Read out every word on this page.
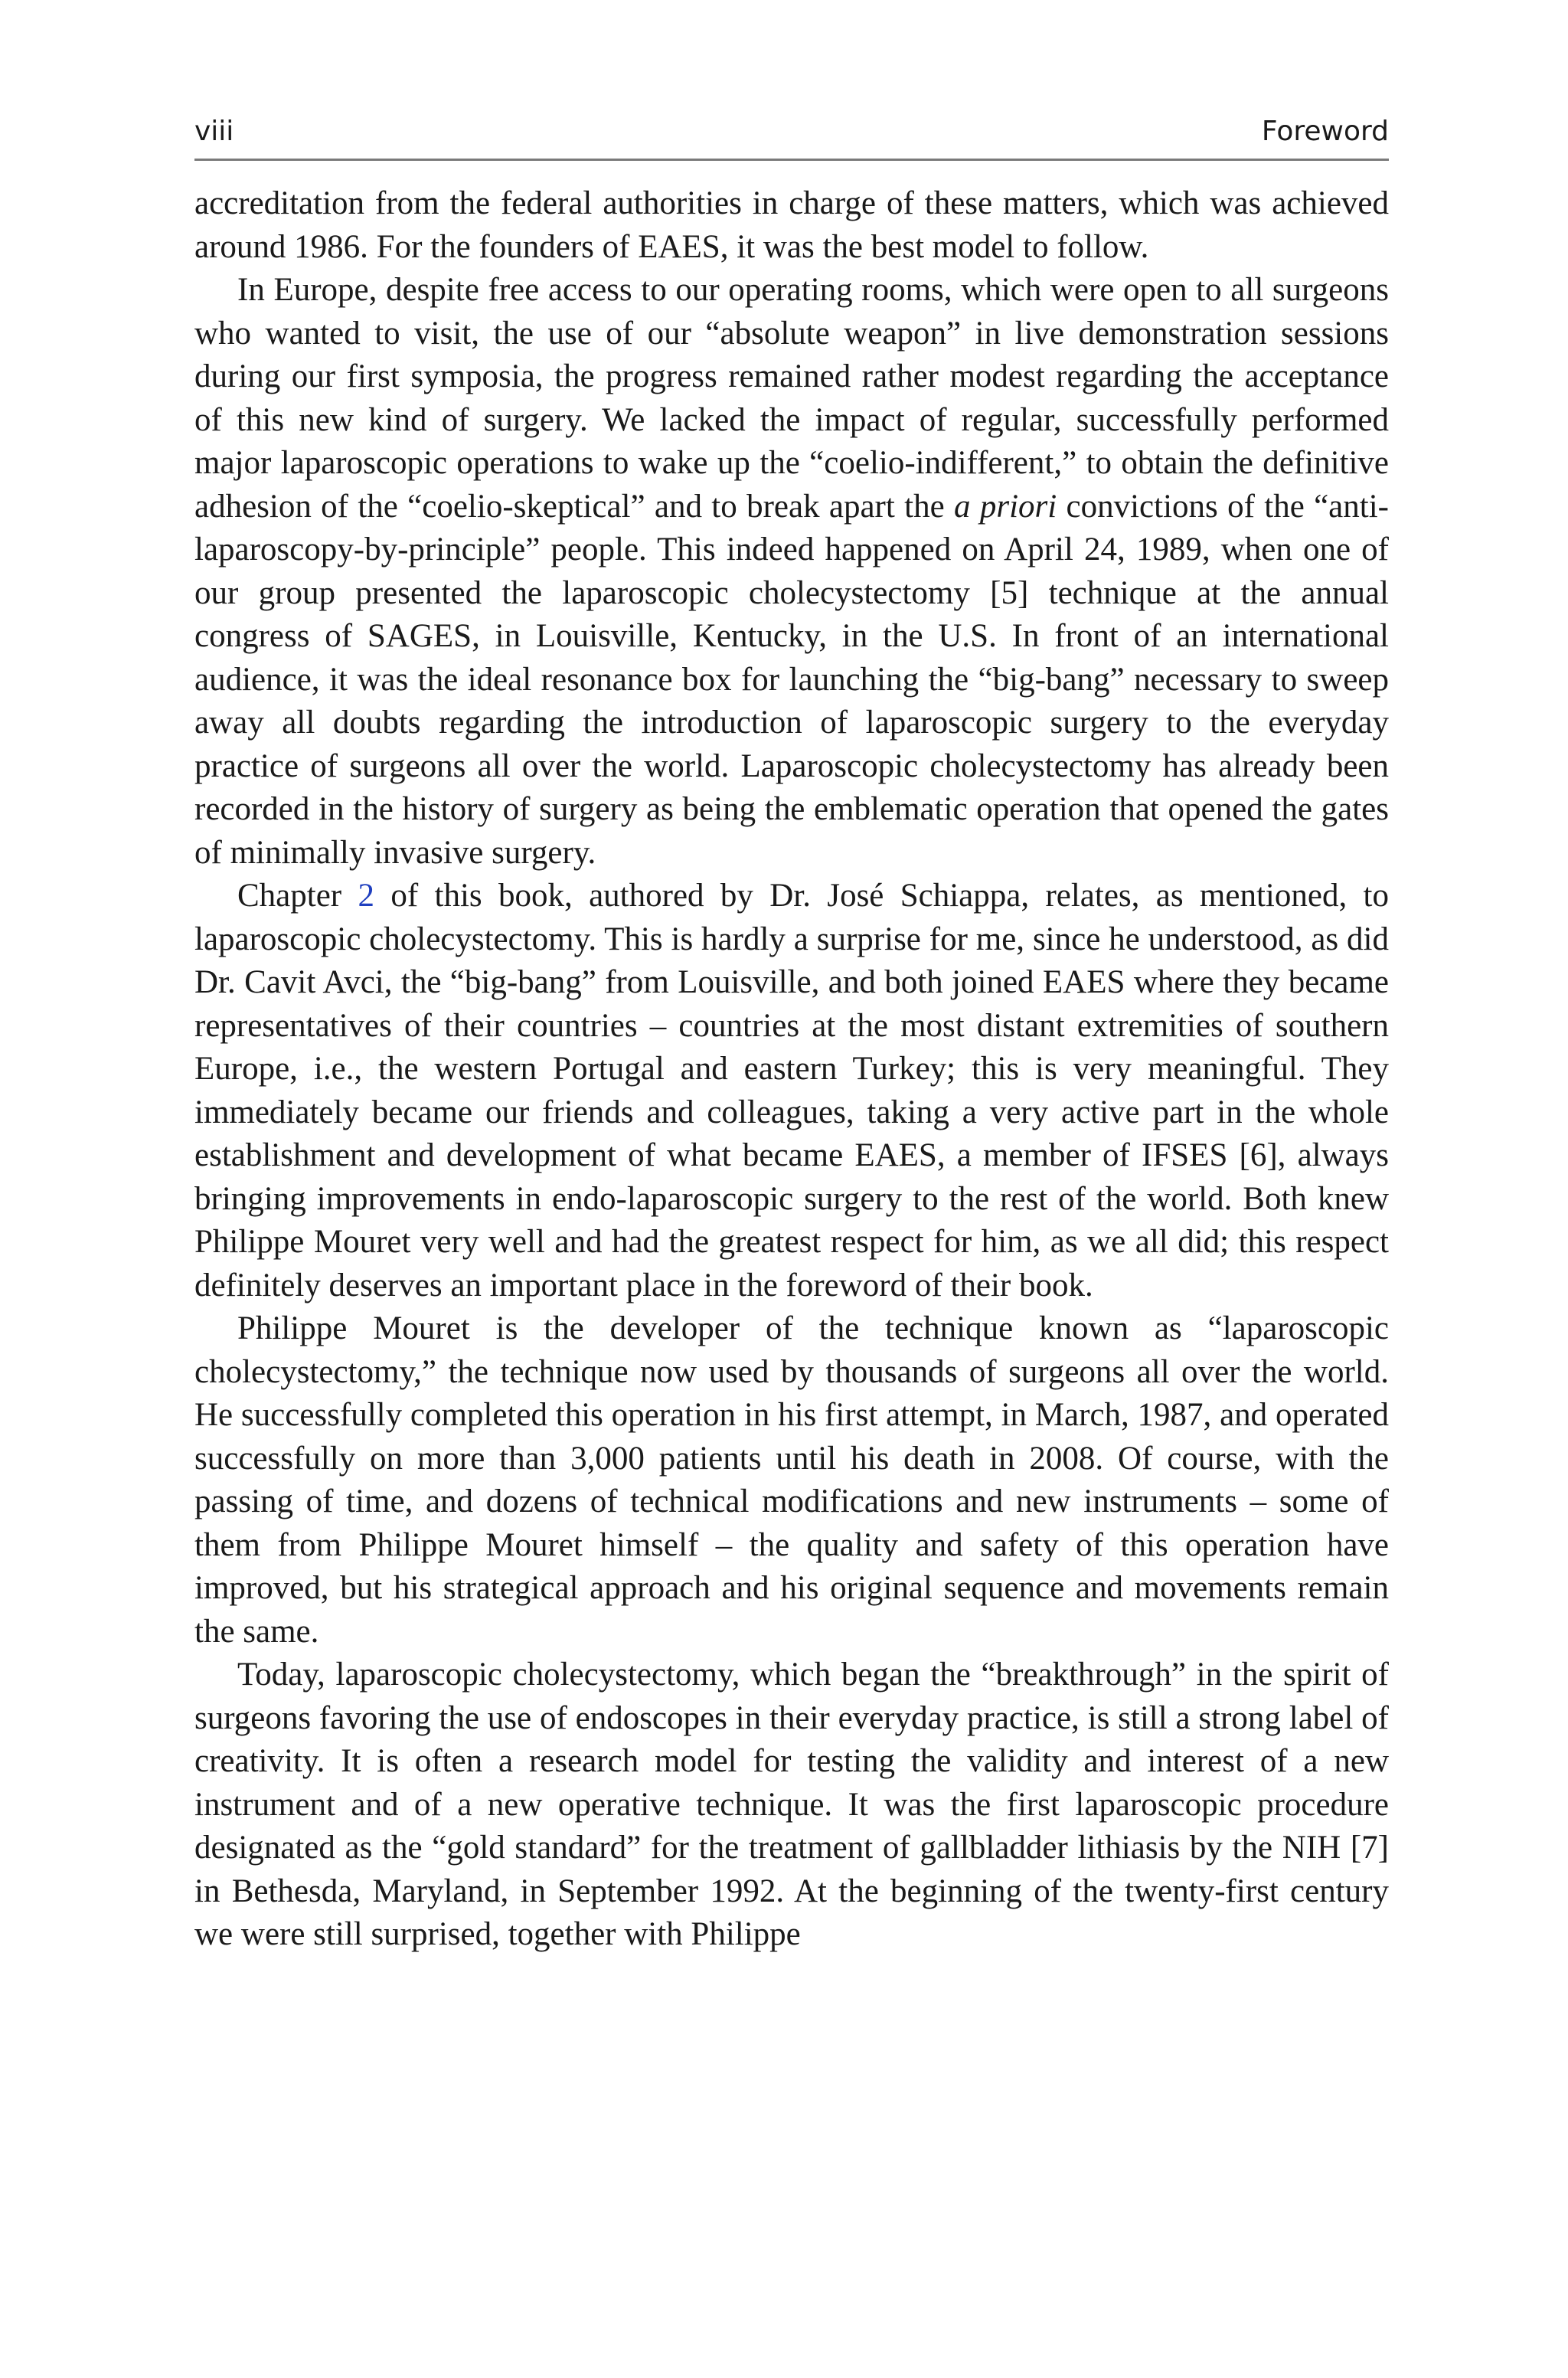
viii	Foreword

accreditation from the federal authorities in charge of these matters, which was achieved around 1986. For the founders of EAES, it was the best model to follow.

In Europe, despite free access to our operating rooms, which were open to all surgeons who wanted to visit, the use of our “absolute weapon” in live demonstration sessions during our first symposia, the progress remained rather modest regarding the acceptance of this new kind of surgery. We lacked the impact of regular, successfully performed major laparoscopic operations to wake up the “coelio-indifferent,” to obtain the definitive adhesion of the “coelio-skeptical” and to break apart the a priori convictions of the “anti-laparoscopy-by-principle” people. This indeed happened on April 24, 1989, when one of our group presented the laparoscopic cholecystectomy [5] technique at the annual congress of SAGES, in Louisville, Kentucky, in the U.S. In front of an international audience, it was the ideal resonance box for launching the “big-bang” necessary to sweep away all doubts regarding the introduction of laparoscopic surgery to the everyday practice of surgeons all over the world. Laparoscopic cholecystectomy has already been recorded in the history of surgery as being the emblematic operation that opened the gates of minimally invasive surgery.

Chapter 2 of this book, authored by Dr. José Schiappa, relates, as mentioned, to laparoscopic cholecystectomy. This is hardly a surprise for me, since he understood, as did Dr. Cavit Avci, the “big-bang” from Louisville, and both joined EAES where they became representatives of their countries – countries at the most distant extremities of southern Europe, i.e., the western Portugal and eastern Turkey; this is very meaningful. They immediately became our friends and colleagues, taking a very active part in the whole establishment and development of what became EAES, a member of IFSES [6], always bringing improvements in endo-laparoscopic surgery to the rest of the world. Both knew Philippe Mouret very well and had the greatest respect for him, as we all did; this respect definitely deserves an important place in the foreword of their book.

Philippe Mouret is the developer of the technique known as “laparoscopic cholecystectomy,” the technique now used by thousands of surgeons all over the world. He successfully completed this operation in his first attempt, in March, 1987, and operated successfully on more than 3,000 patients until his death in 2008. Of course, with the passing of time, and dozens of technical modifications and new instruments – some of them from Philippe Mouret himself – the quality and safety of this operation have improved, but his strategical approach and his original sequence and movements remain the same.

Today, laparoscopic cholecystectomy, which began the “breakthrough” in the spirit of surgeons favoring the use of endoscopes in their everyday practice, is still a strong label of creativity. It is often a research model for testing the validity and interest of a new instrument and of a new operative technique. It was the first laparoscopic procedure designated as the “gold standard” for the treatment of gallbladder lithiasis by the NIH [7] in Bethesda, Maryland, in September 1992. At the beginning of the twenty-first century we were still surprised, together with Philippe
